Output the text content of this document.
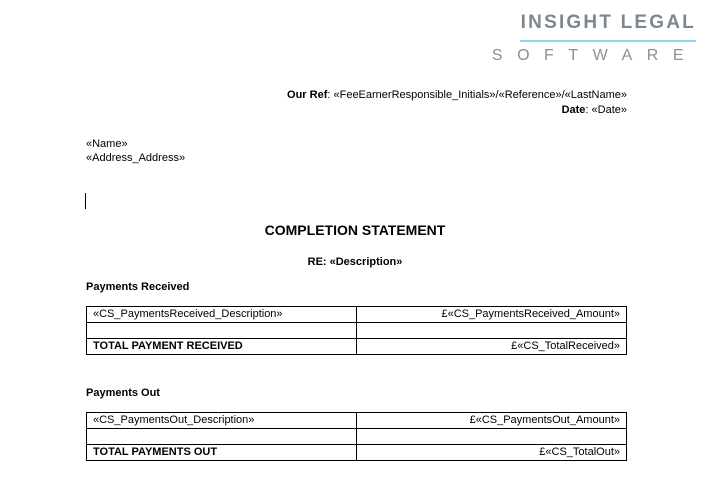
INSIGHT LEGAL
SOFTWARE
Our Ref: «FeeEarnerResponsible_Initials»/«Reference»/«LastName»
Date: «Date»
«Name»
«Address_Address»
COMPLETION STATEMENT
RE: «Description»
Payments Received
«CS_PaymentsReceived_Description»	£«CS_PaymentsReceived_Amount»

TOTAL PAYMENT RECEIVED	£«CS_TotalReceived»
Payments Out
«CS_PaymentsOut_Description»	£«CS_PaymentsOut_Amount»

TOTAL PAYMENTS OUT	£«CS_TotalOut»
